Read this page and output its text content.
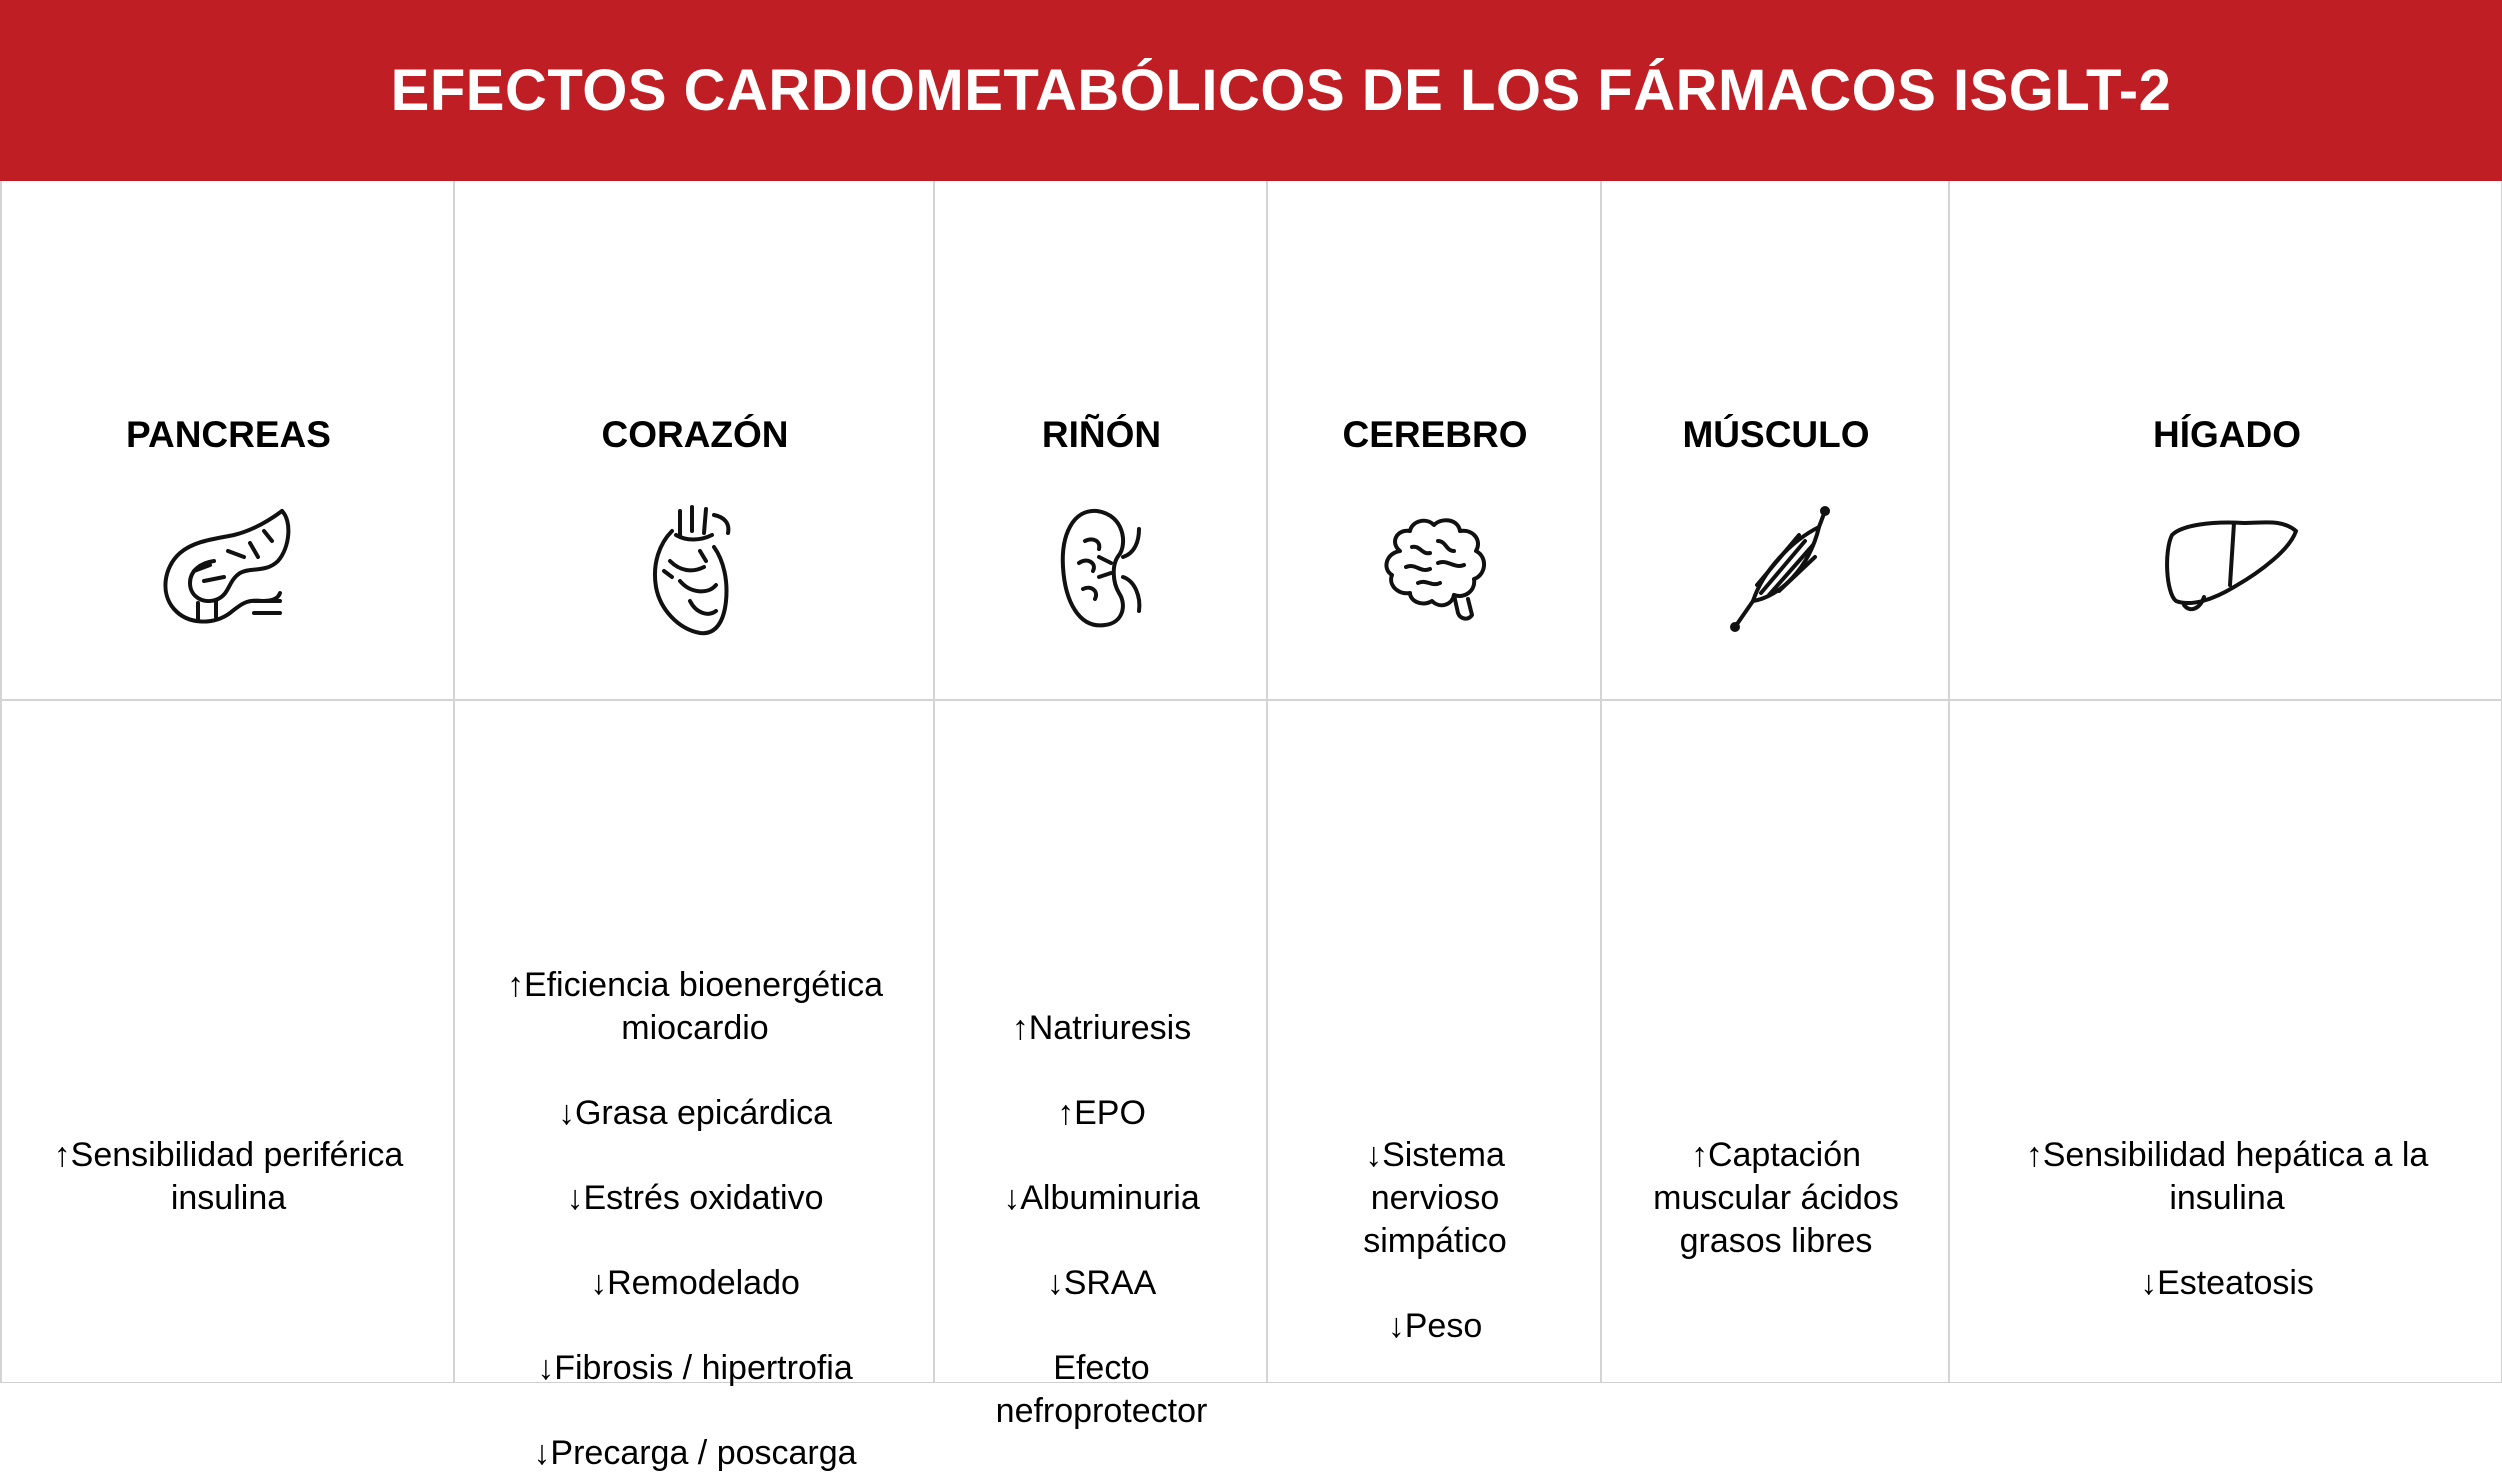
EFECTOS CARDIOMETABÓLICOS DE LOS FÁRMACOS ISGLT-2
PANCREAS
↑Sensibilidad periférica
insulina
CORAZÓN
↑Eficiencia bioenergética
miocardio
↓Grasa epicárdica
↓Estrés oxidativo
↓Remodelado
↓Fibrosis / hipertrofia
↓Precarga / poscarga
RIÑÓN
↑Natriuresis
↑EPO
↓Albuminuria
↓SRAA
Efecto
nefroprotector
CEREBRO
↓Sistema
nervioso
simpático
↓Peso
MÚSCULO
↑Captación
muscular ácidos
grasos libres
HÍGADO
↑Sensibilidad hepática a la
insulina
↓Esteatosis
